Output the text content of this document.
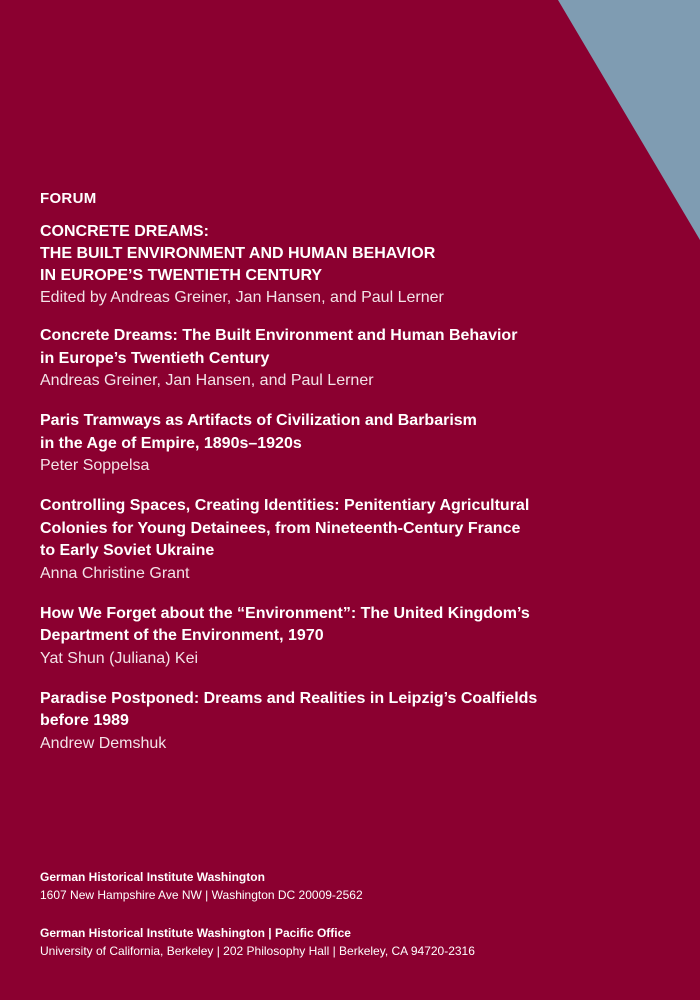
FORUM
CONCRETE DREAMS:
THE BUILT ENVIRONMENT AND HUMAN BEHAVIOR
IN EUROPE’S TWENTIETH CENTURY
Edited by Andreas Greiner, Jan Hansen, and Paul Lerner
Concrete Dreams: The Built Environment and Human Behavior
in Europe’s Twentieth Century
Andreas Greiner, Jan Hansen, and Paul Lerner
Paris Tramways as Artifacts of Civilization and Barbarism
in the Age of Empire, 1890s–1920s
Peter Soppelsa
Controlling Spaces, Creating Identities: Penitentiary Agricultural
Colonies for Young Detainees, from Nineteenth-Century France
to Early Soviet Ukraine
Anna Christine Grant
How We Forget about the “Environment”: The United Kingdom’s
Department of the Environment, 1970
Yat Shun (Juliana) Kei
Paradise Postponed: Dreams and Realities in Leipzig’s Coalfields
before 1989
Andrew Demshuk
German Historical Institute Washington
1607 New Hampshire Ave NW | Washington DC 20009-2562
German Historical Institute Washington | Pacific Office
University of California, Berkeley | 202 Philosophy Hall | Berkeley, CA 94720-2316
